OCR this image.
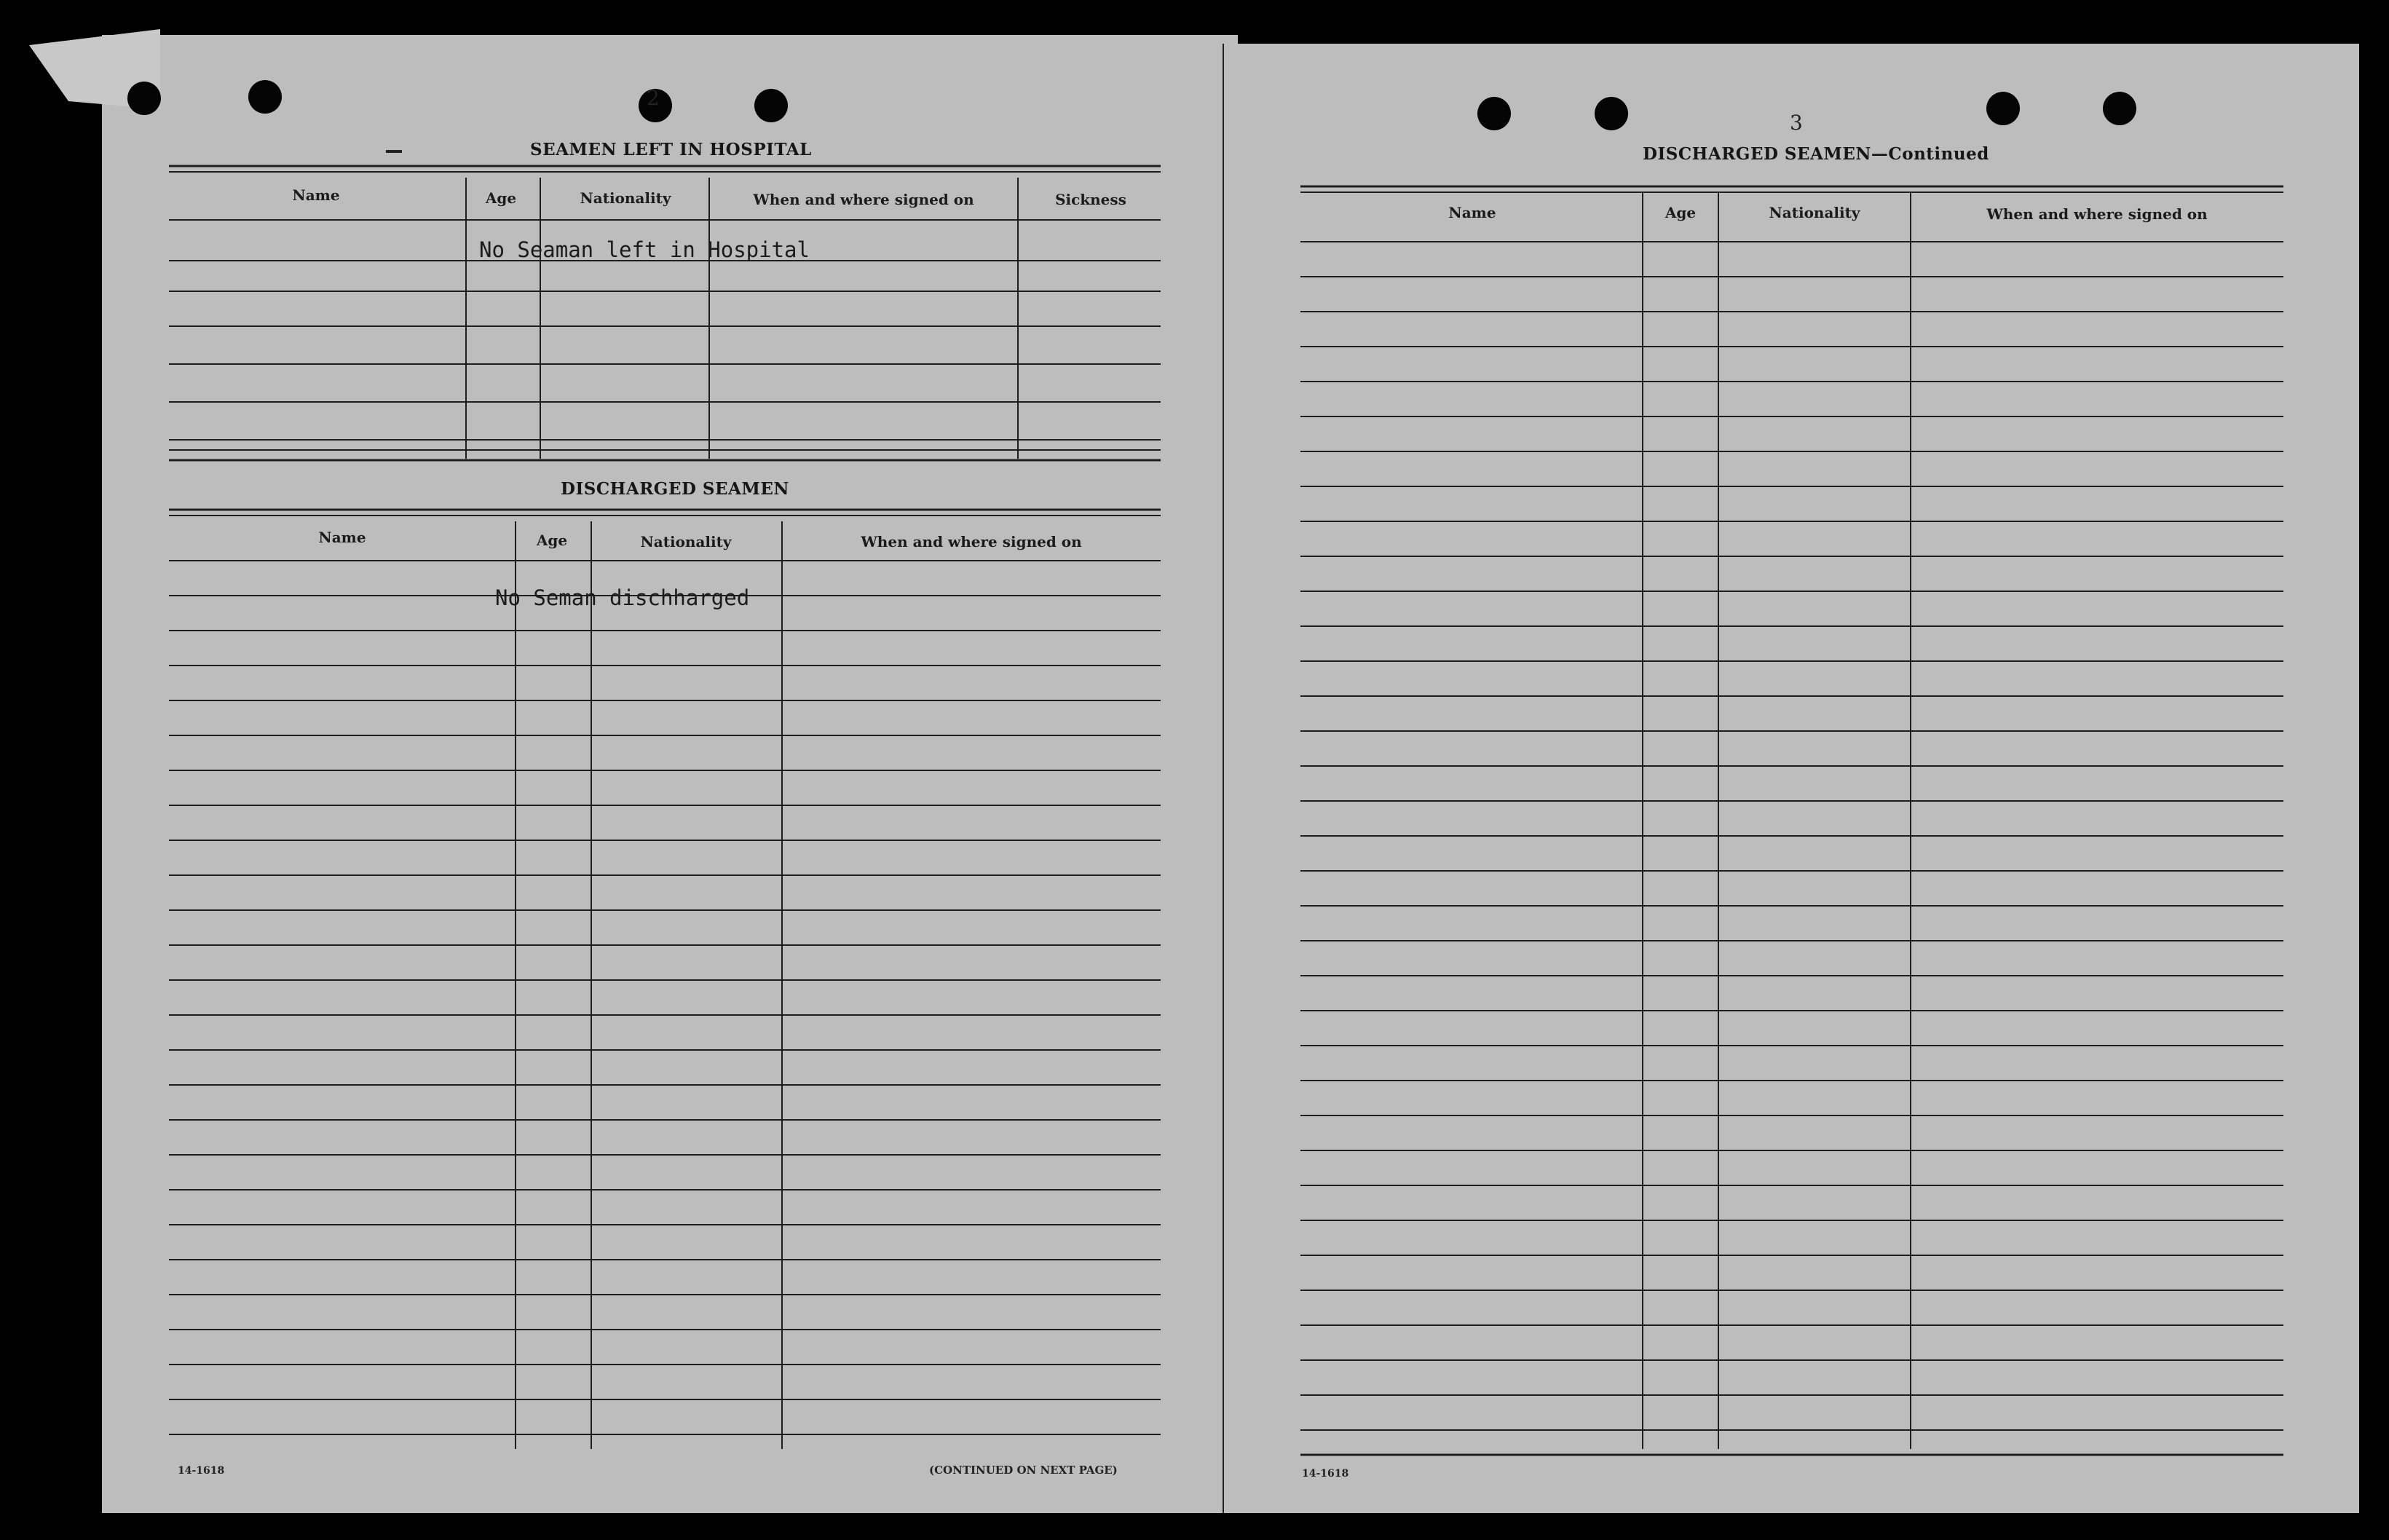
2
SEAMEN LEFT IN HOSPITAL
Name	Age	Nationality	When and where signed on	Sickness
No Seaman left in Hospital
DISCHARGED SEAMEN
Name	Age	Nationality	When and where signed on
No Seman dischharged
14-1618	(CONTINUED ON NEXT PAGE)
3
DISCHARGED SEAMEN—Continued
Name	Age	Nationality	When and where signed on
14-1618
